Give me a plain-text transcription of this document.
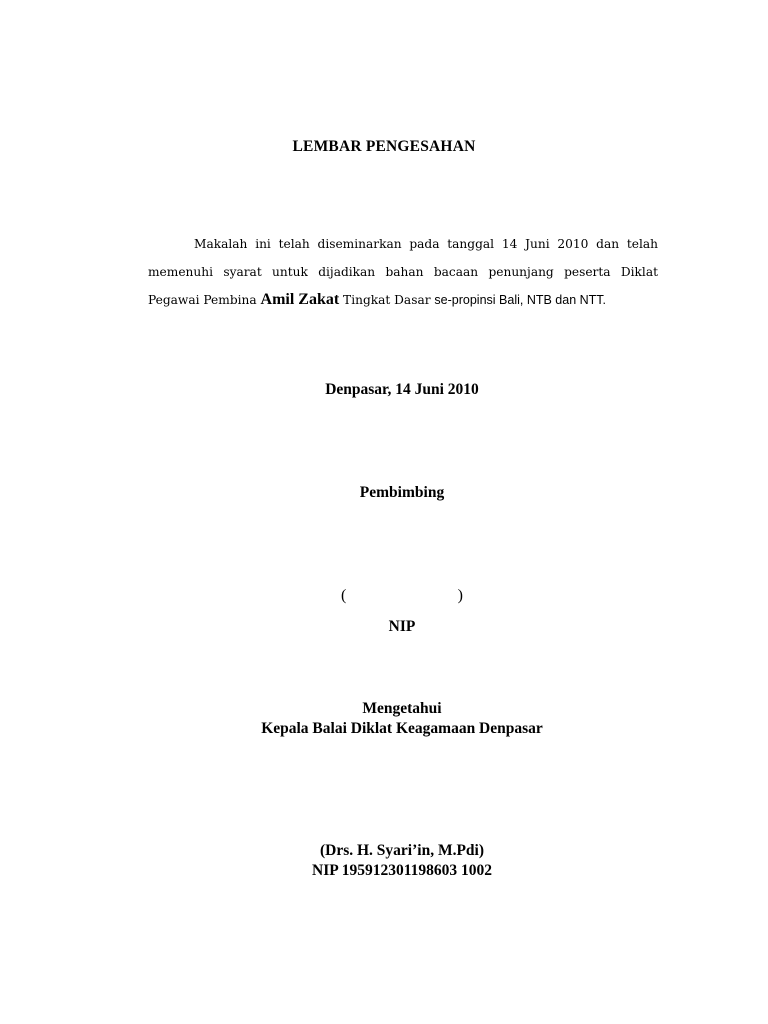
LEMBAR PENGESAHAN
Makalah ini telah diseminarkan pada tanggal 14 Juni 2010 dan telah memenuhi syarat untuk dijadikan bahan bacaan penunjang peserta Diklat Pegawai Pembina Amil Zakat Tingkat Dasar se-propinsi Bali, NTB dan NTT.
Denpasar, 14 Juni 2010
Pembimbing
(	)
NIP
Mengetahui
Kepala Balai Diklat Keagamaan Denpasar
(Drs. H. Syari’in, M.Pdi)
NIP 195912301198603 1002
